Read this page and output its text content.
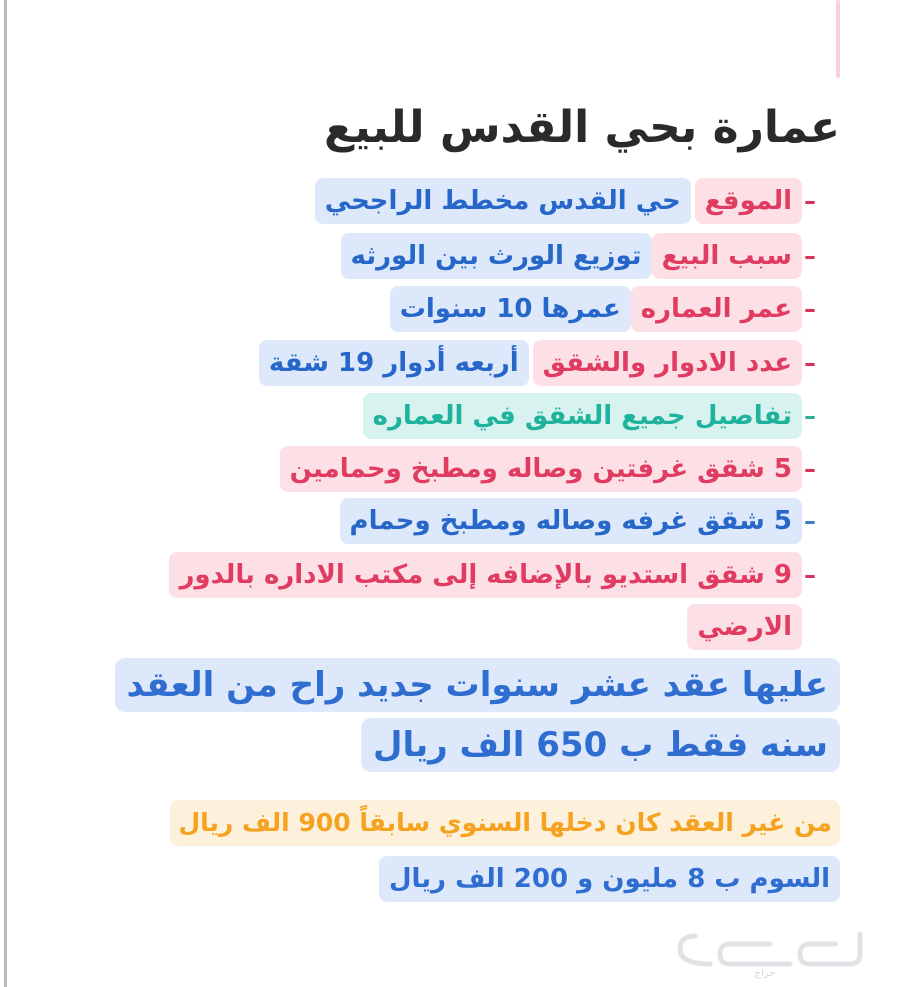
عمارة بحي القدس للبيع
–
الموقع
حي القدس مخطط الراجحي
–
سبب البيع
توزيع الورث بين الورثه
–
عمر العماره
عمرها 10 سنوات
–
عدد الادوار والشقق
أربعه أدوار 19 شقة
–
تفاصيل جميع الشقق في العماره
–
5 شقق غرفتين وصاله ومطبخ وحمامين
–
5 شقق غرفه وصاله ومطبخ وحمام
–
9 شقق استديو بالإضافه إلى مكتب الاداره بالدور
الارضي
عليها عقد عشر سنوات جديد راح من العقد
سنه فقط ب 650 الف ريال
من غير العقد كان دخلها السنوي سابقاً 900 الف ريال
السوم ب 8 مليون و 200 الف ريال
حراج
